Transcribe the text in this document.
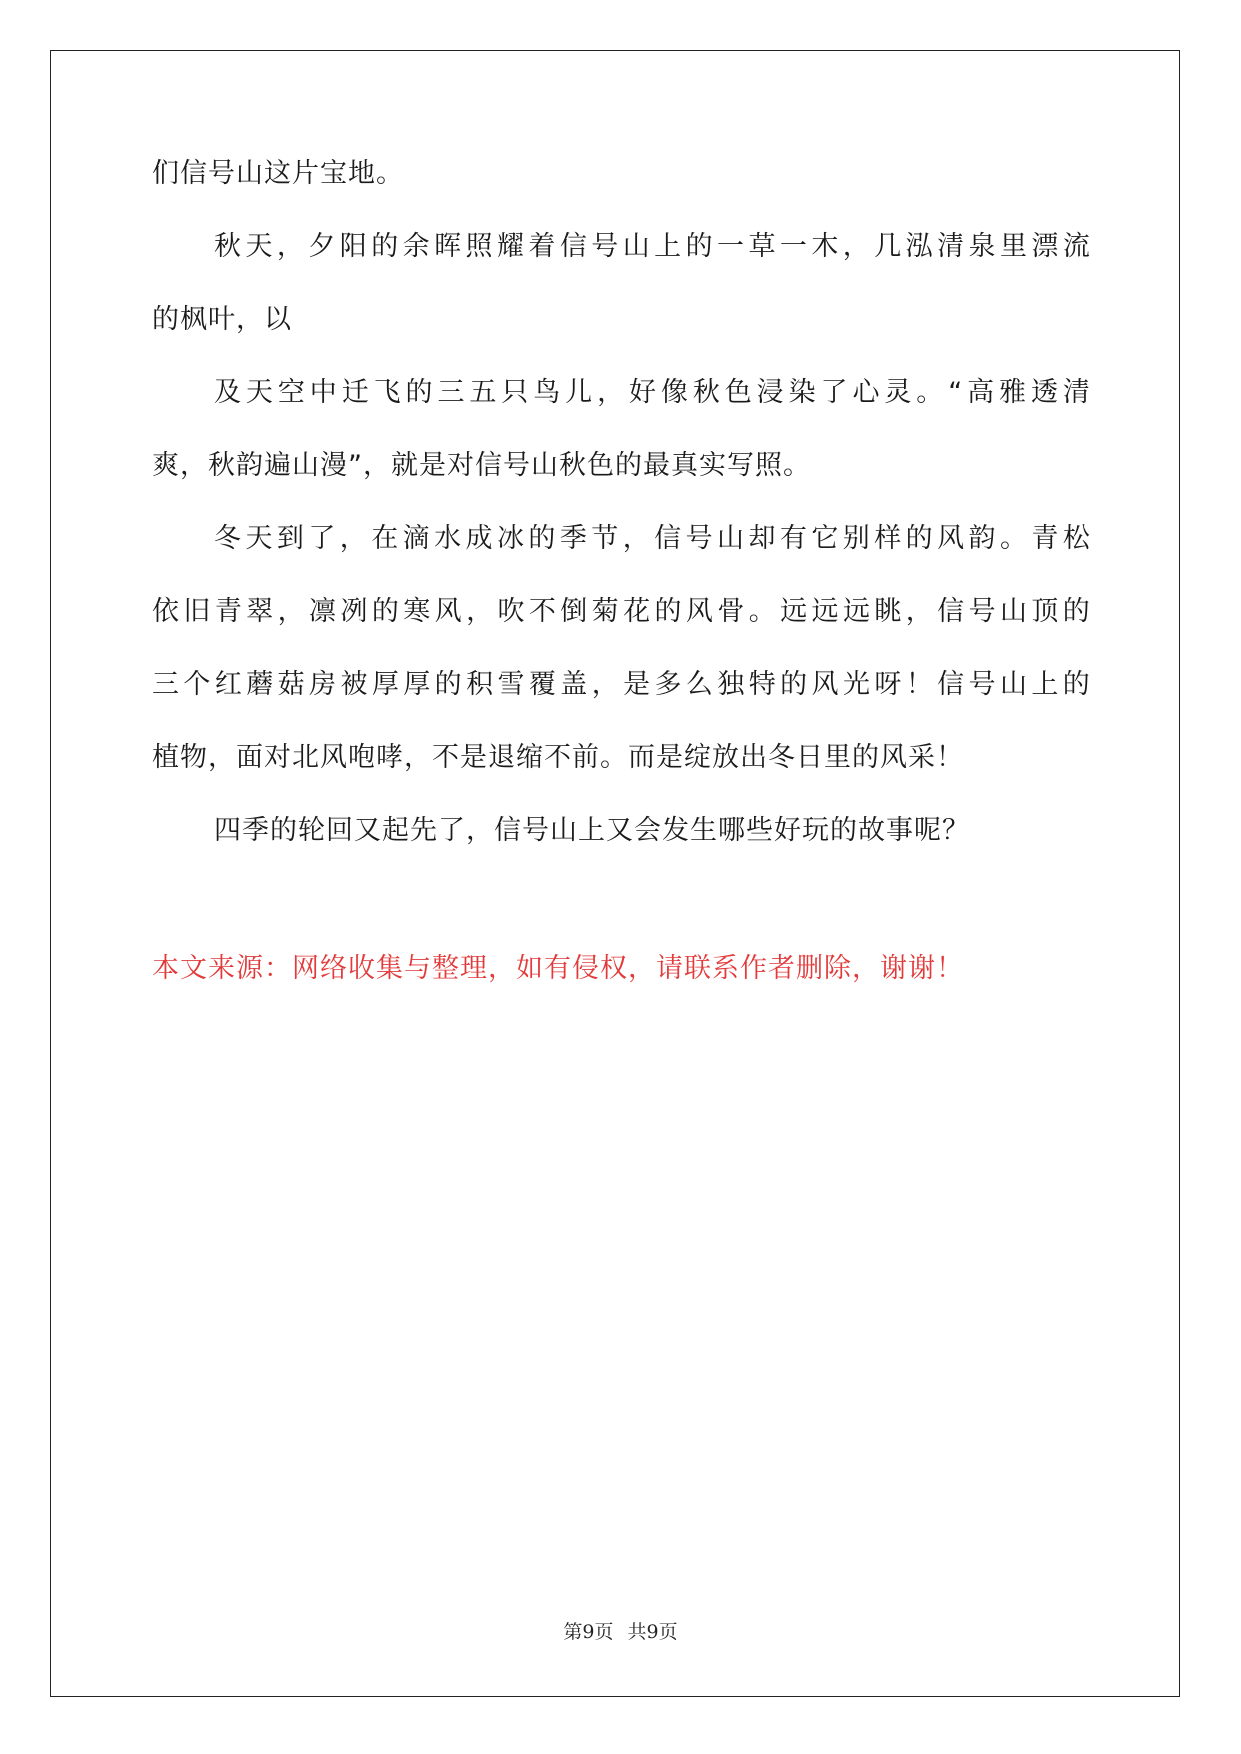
们信号山这片宝地。
秋 天 ， 夕 阳 的 余 晖 照 耀 着 信 号 山 上 的 一 草 一 木 ， 几 泓 清 泉 里 漂 流
的枫叶，以
及 天 空 中 迁 飞 的 三 五 只 鸟 儿 ， 好 像 秋 色 浸 染 了 心 灵 。 “ 高 雅 透 清
爽，秋韵遍山漫”，就是对信号山秋色的最真实写照。
冬 天 到 了 ， 在 滴 水 成 冰 的 季 节 ， 信 号 山 却 有 它 别 样 的 风 韵 。 青 松
依 旧 青 翠 ， 凛 冽 的 寒 风 ， 吹 不 倒 菊 花 的 风 骨 。 远 远 远 眺 ， 信 号 山 顶 的
三 个 红 蘑 菇 房 被 厚 厚 的 积 雪 覆 盖 ， 是 多 么 独 特 的 风 光 呀 ！ 信 号 山 上 的
植物，面对北风咆哮，不是退缩不前。而是绽放出冬日里的风采！
四季的轮回又起先了，信号山上又会发生哪些好玩的故事呢？
本文来源：网络收集与整理，如有侵权，请联系作者删除，谢谢！
第9页 共9页
